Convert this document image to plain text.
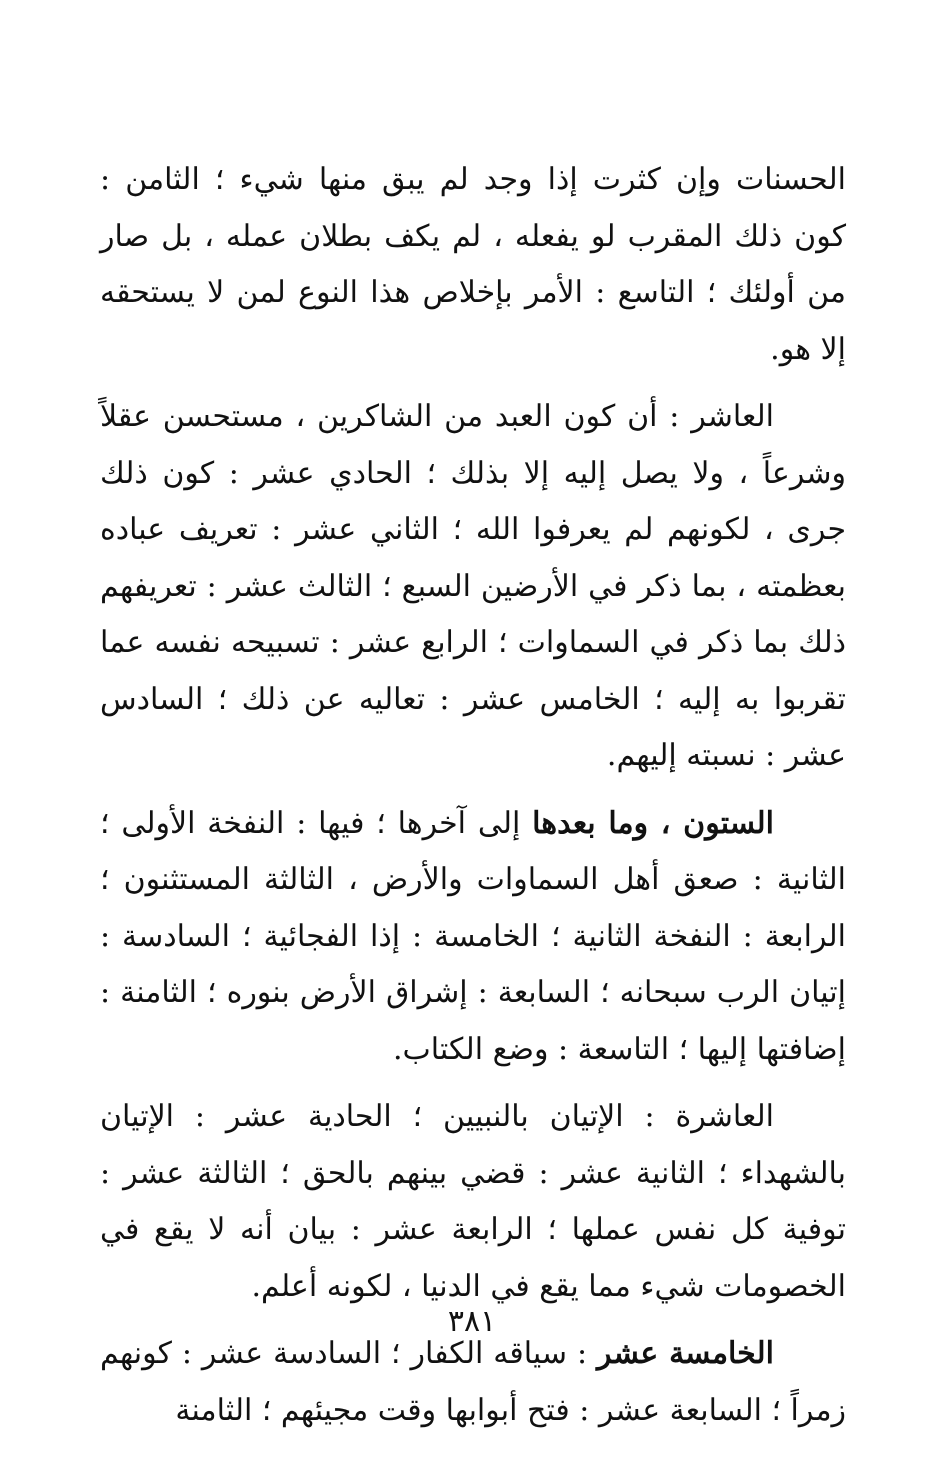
الحسنات وإن كثرت إذا وجد لم يبق منها شيء ؛ الثامن : كون ذلك المقرب لو يفعله ، لم يكف بطلان عمله ، بل صار من أولئك ؛ التاسع : الأمر بإخلاص هذا النوع لمن لا يستحقه إلا هو.

العاشر : أن كون العبد من الشاكرين ، مستحسن عقلاً وشرعاً ، ولا يصل إليه إلا بذلك ؛ الحادي عشر : كون ذلك جرى ، لكونهم لم يعرفوا الله ؛ الثاني عشر : تعريف عباده بعظمته ، بما ذكر في الأرضين السبع ؛ الثالث عشر : تعريفهم ذلك بما ذكر في السماوات ؛ الرابع عشر : تسبيحه نفسه عما تقربوا به إليه ؛ الخامس عشر : تعاليه عن ذلك ؛ السادس عشر : نسبته إليهم.

الستون ، وما بعدها إلى آخرها ؛ فيها : النفخة الأولى ؛ الثانية : صعق أهل السماوات والأرض ، الثالثة المستثنون ؛ الرابعة : النفخة الثانية ؛ الخامسة : إذا الفجائية ؛ السادسة : إتيان الرب سبحانه ؛ السابعة : إشراق الأرض بنوره ؛ الثامنة : إضافتها إليها ؛ التاسعة : وضع الكتاب.

العاشرة : الإتيان بالنبيين ؛ الحادية عشر : الإتيان بالشهداء ؛ الثانية عشر : قضي بينهم بالحق ؛ الثالثة عشر : توفية كل نفس عملها ؛ الرابعة عشر : بيان أنه لا يقع في الخصومات شيء مما يقع في الدنيا ، لكونه أعلم.

الخامسة عشر : سياقه الكفار ؛ السادسة عشر : كونهم زمراً ؛ السابعة عشر : فتح أبوابها وقت مجيئهم ؛ الثامنة

٣٨١
